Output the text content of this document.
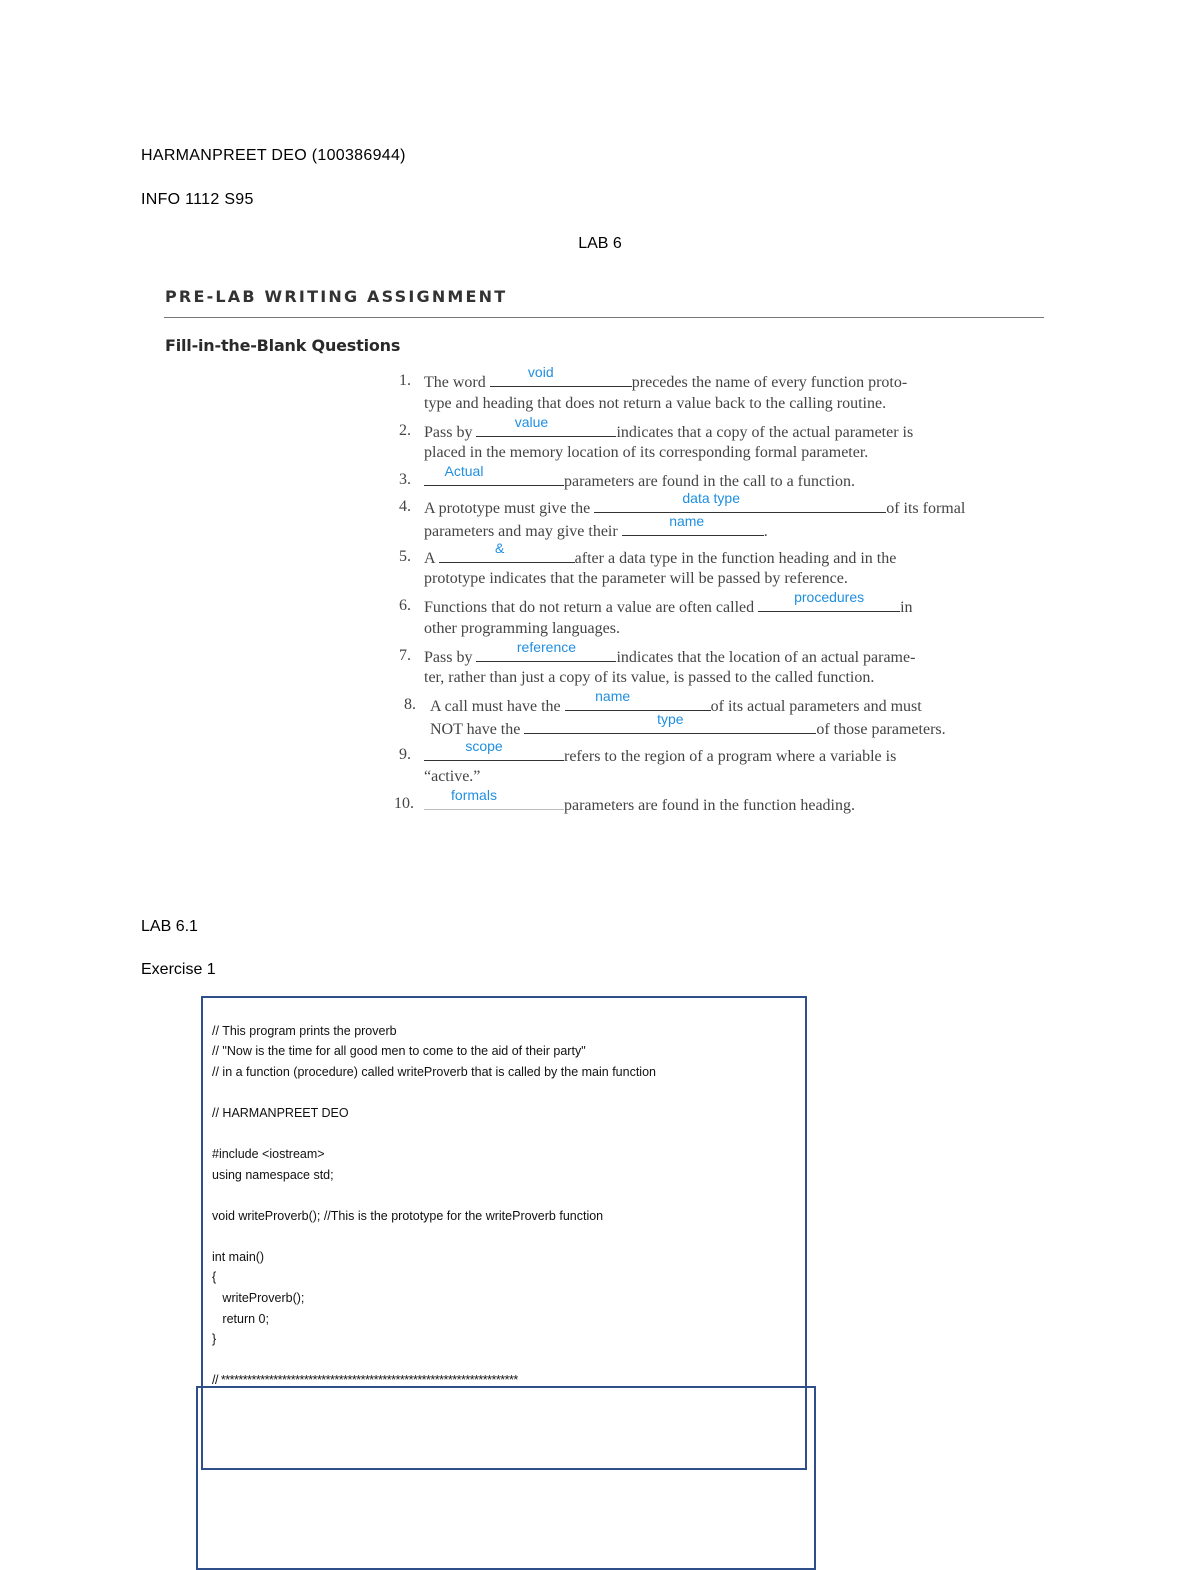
HARMANPREET DEO (100386944)
INFO 1112 S95
LAB 6
PRE-LAB WRITING ASSIGNMENT
Fill-in-the-Blank Questions
1. The word
void
precedes the name of every function proto-
type and heading that does not return a value back to the calling routine.
2. Pass by
value
indicates that a copy of the actual parameter is
placed in the memory location of its corresponding formal parameter.
3.	Actual
parameters are found in the call to a function.
4. A prototype must give the
data type
of its formal
parameters and may give their
name
.
5. A
&
after a data type in the function heading and in the
prototype indicates that the parameter will be passed by reference.
6. Functions that do not return a value are often called
procedures
in
other programming languages.
7. Pass by
reference
indicates that the location of an actual parame-
ter, rather than just a copy of its value, is passed to the called function.
8. A call must have the
name
of its actual parameters and must
NOT have the
type
of those parameters.
9.	scope
refers to the region of a program where a variable is
“active.”
10.	formals
parameters are found in the function heading.
LAB 6.1
Exercise 1
// This program prints the proverb
// "Now is the time for all good men to come to the aid of their party"
// in a function (procedure) called writeProverb that is called by the main function
// HARMANPREET DEO
#include <iostream>
using namespace std;
void writeProverb(); //This is the prototype for the writeProverb function
int main()
{
writeProverb();
return 0;
}
// ********************************************************************
